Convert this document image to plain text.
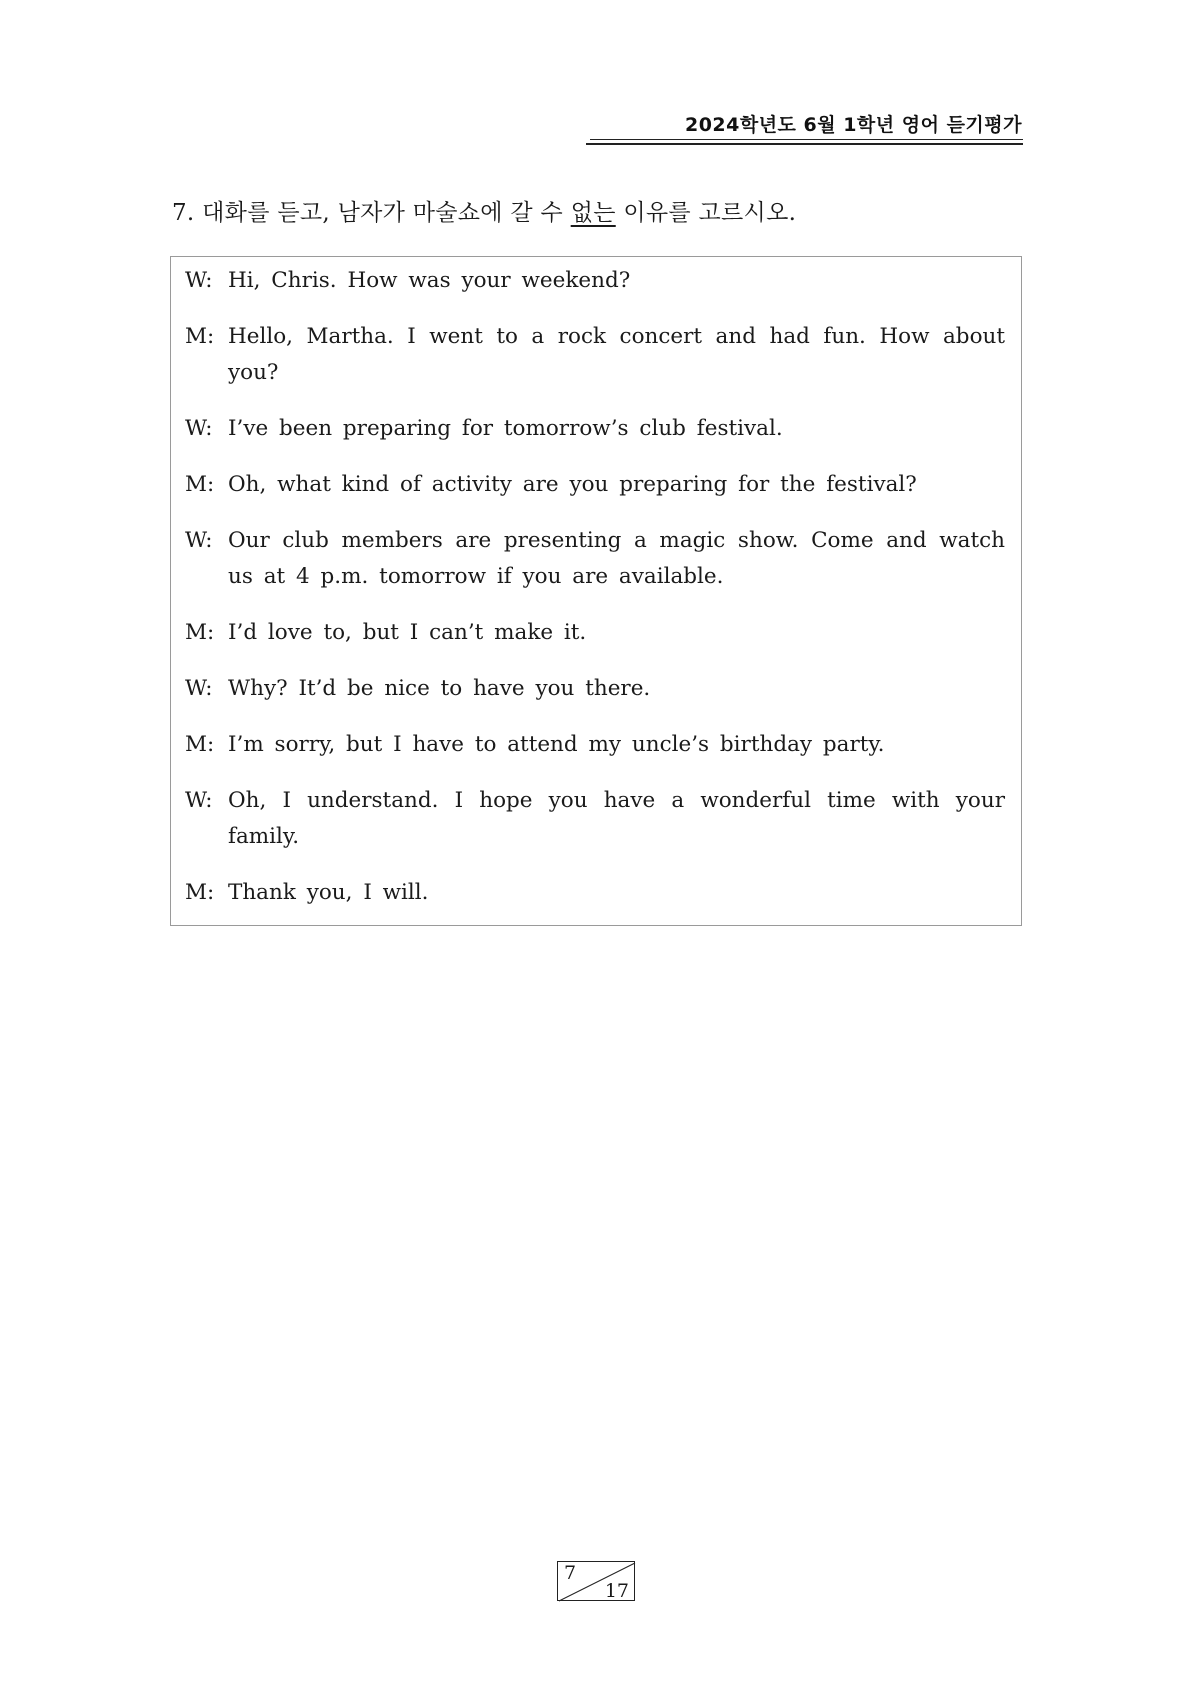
2024학년도 6월 1학년 영어 듣기평가
7. 대화를 듣고, 남자가 마술쇼에 갈 수 없는 이유를 고르시오.
W: Hi, Chris. How was your weekend?
M: Hello, Martha. I went to a rock concert and had fun. How about you?
W: I’ve been preparing for tomorrow’s club festival.
M: Oh, what kind of activity are you preparing for the festival?
W: Our club members are presenting a magic show. Come and watch us at 4 p.m. tomorrow if you are available.
M: I’d love to, but I can’t make it.
W: Why? It’d be nice to have you there.
M: I’m sorry, but I have to attend my uncle’s birthday party.
W: Oh, I understand. I hope you have a wonderful time with your family.
M: Thank you, I will.
7
17
